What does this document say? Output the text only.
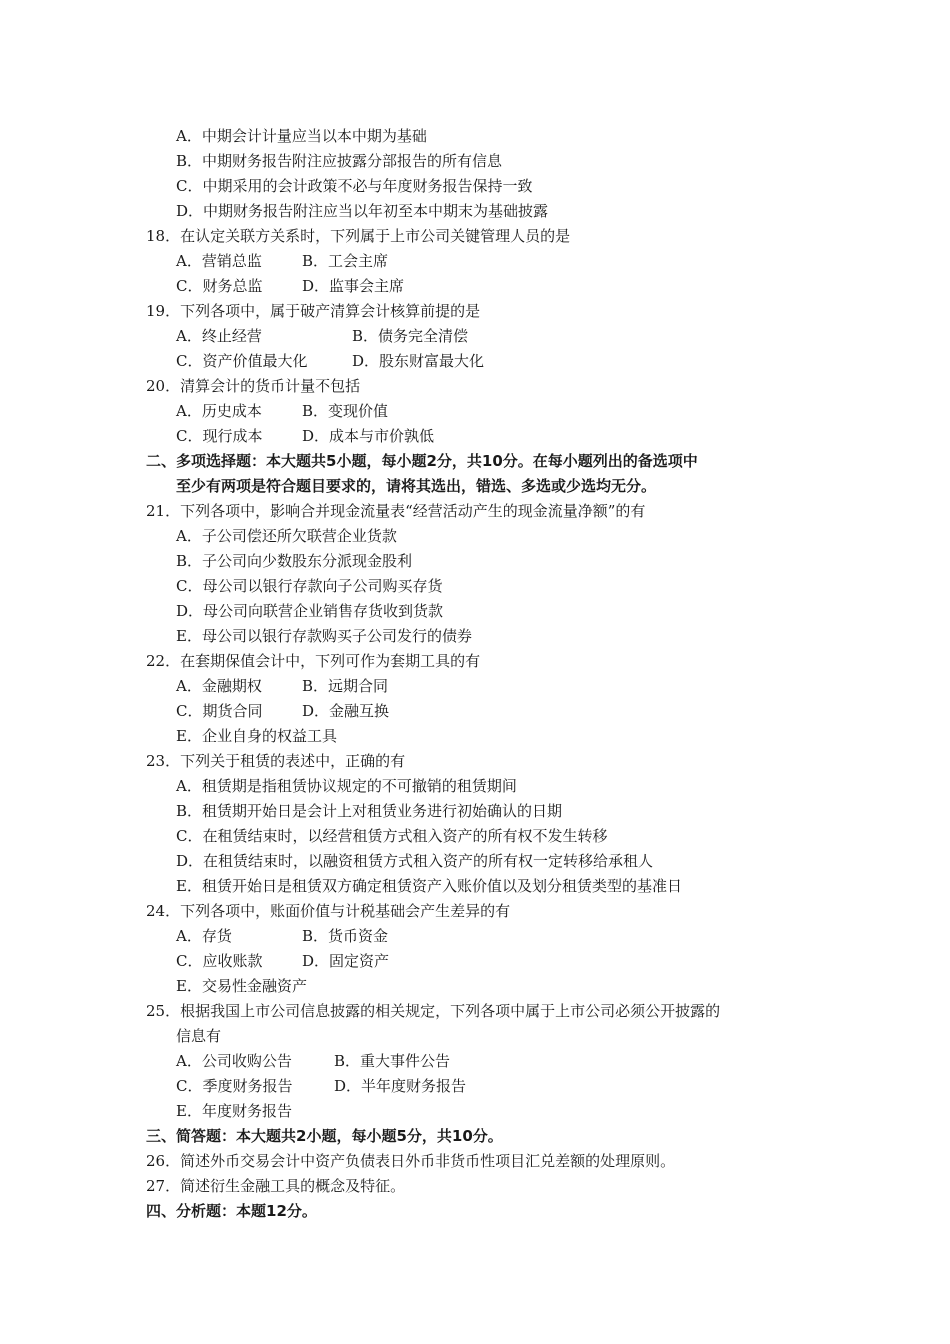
A．中期会计计量应当以本中期为基础
B．中期财务报告附注应披露分部报告的所有信息
C．中期采用的会计政策不必与年度财务报告保持一致
D．中期财务报告附注应当以年初至本中期末为基础披露
18．在认定关联方关系时，下列属于上市公司关键管理人员的是
A．营销总监	B．工会主席
C．财务总监	D．监事会主席
19．下列各项中，属于破产清算会计核算前提的是
A．终止经营	B．债务完全清偿
C．资产价值最大化	D．股东财富最大化
20．清算会计的货币计量不包括
A．历史成本	B．变现价值
C．现行成本	D．成本与市价孰低
二、多项选择题：本大题共5小题，每小题2分，共10分。在每小题列出的备选项中
至少有两项是符合题目要求的，请将其选出，错选、多选或少选均无分。
21．下列各项中，影响合并现金流量表“经营活动产生的现金流量净额”的有
A．子公司偿还所欠联营企业货款
B．子公司向少数股东分派现金股利
C．母公司以银行存款向子公司购买存货
D．母公司向联营企业销售存货收到货款
E．母公司以银行存款购买子公司发行的债券
22．在套期保值会计中，下列可作为套期工具的有
A．金融期权	B．远期合同
C．期货合同	D．金融互换
E．企业自身的权益工具
23．下列关于租赁的表述中，正确的有
A．租赁期是指租赁协议规定的不可撤销的租赁期间
B．租赁期开始日是会计上对租赁业务进行初始确认的日期
C．在租赁结束时，以经营租赁方式租入资产的所有权不发生转移
D．在租赁结束时，以融资租赁方式租入资产的所有权一定转移给承租人
E．租赁开始日是租赁双方确定租赁资产入账价值以及划分租赁类型的基准日
24．下列各项中，账面价值与计税基础会产生差异的有
A．存货	B．货币资金
C．应收账款	D．固定资产
E．交易性金融资产
25．根据我国上市公司信息披露的相关规定，下列各项中属于上市公司必须公开披露的
信息有
A．公司收购公告	B．重大事件公告
C．季度财务报告	D．半年度财务报告
E．年度财务报告
三、简答题：本大题共2小题，每小题5分，共10分。
26．简述外币交易会计中资产负债表日外币非货币性项目汇兑差额的处理原则。
27．简述衍生金融工具的概念及特征。
四、分析题：本题12分。
